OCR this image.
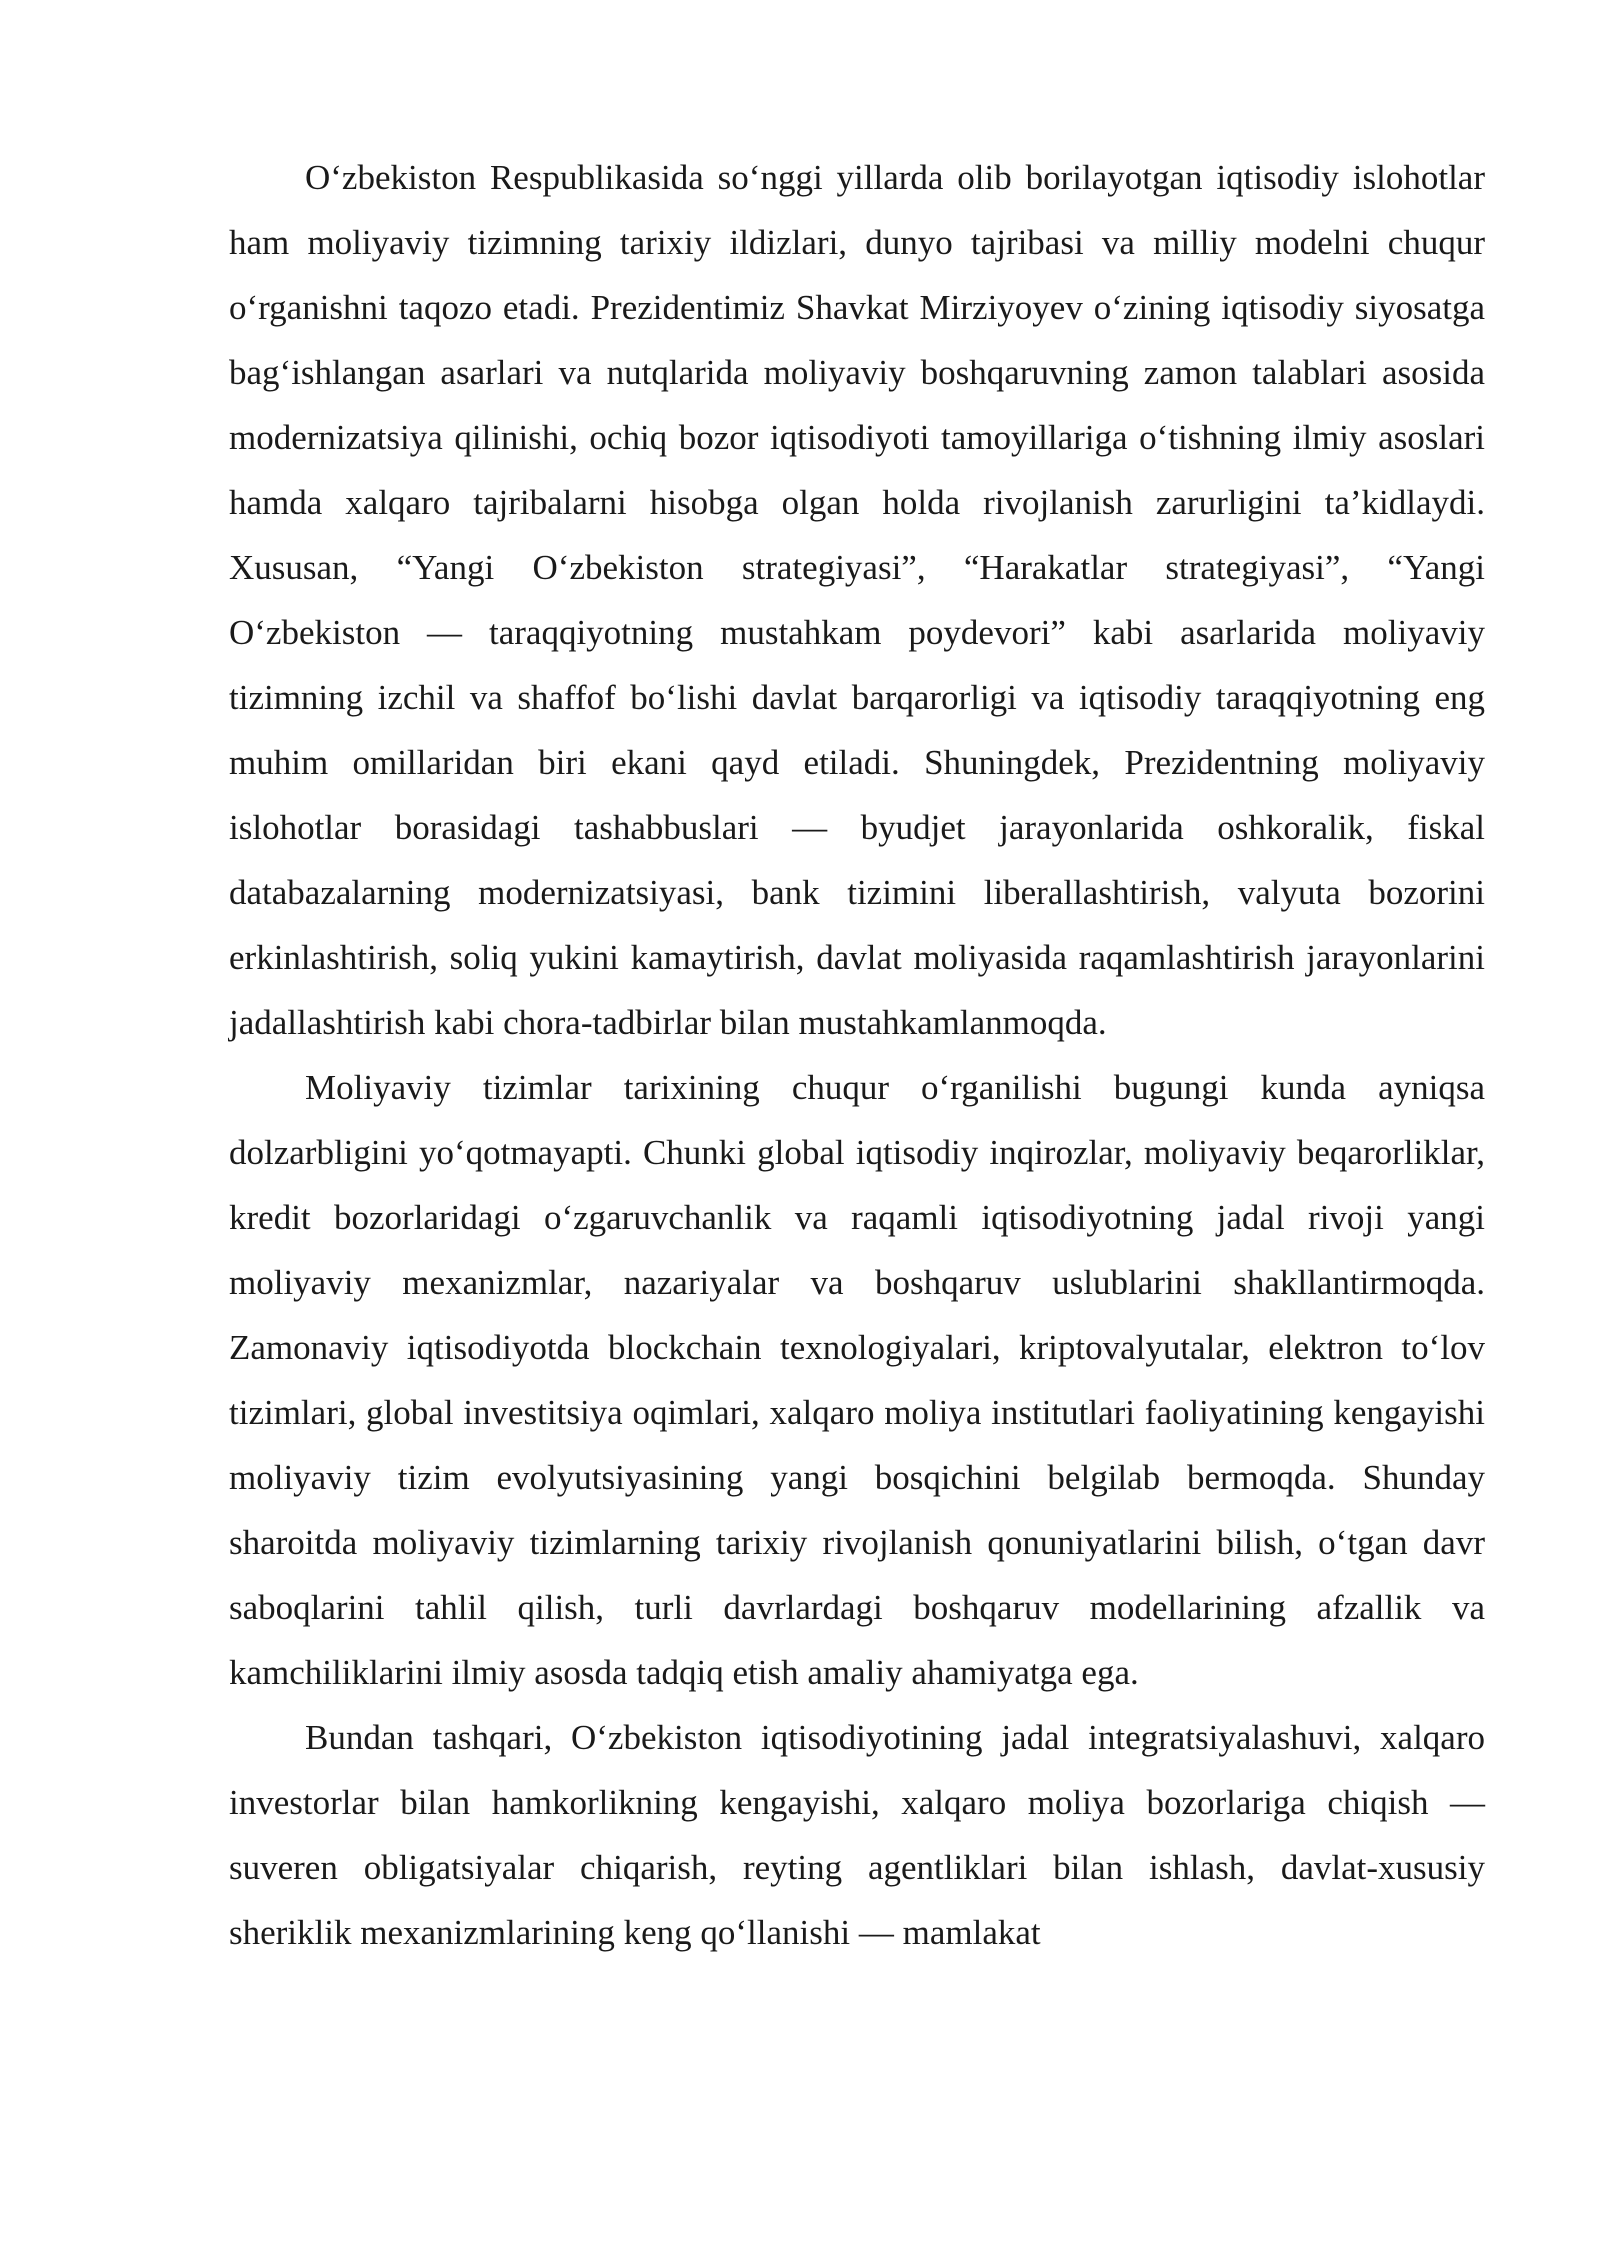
O‘zbekiston Respublikasida so‘nggi yillarda olib borilayotgan iqtisodiy islohotlar ham moliyaviy tizimning tarixiy ildizlari, dunyo tajribasi va milliy modelni chuqur o‘rganishni taqozo etadi. Prezidentimiz Shavkat Mirziyoyev o‘zining iqtisodiy siyosatga bag‘ishlangan asarlari va nutqlarida moliyaviy boshqaruvning zamon talablari asosida modernizatsiya qilinishi, ochiq bozor iqtisodiyoti tamoyillariga o‘tishning ilmiy asoslari hamda xalqaro tajribalarni hisobga olgan holda rivojlanish zarurligini ta’kidlaydi. Xususan, “Yangi O‘zbekiston strategiyasi”, “Harakatlar strategiyasi”, “Yangi O‘zbekiston — taraqqiyotning mustahkam poydevori” kabi asarlarida moliyaviy tizimning izchil va shaffof bo‘lishi davlat barqarorligi va iqtisodiy taraqqiyotning eng muhim omillaridan biri ekani qayd etiladi. Shuningdek, Prezidentning moliyaviy islohotlar borasidagi tashabbuslari — byudjet jarayonlarida oshkoralik, fiskal databazalarning modernizatsiyasi, bank tizimini liberallashtirish, valyuta bozorini erkinlashtirish, soliq yukini kamaytirish, davlat moliyasida raqamlashtirish jarayonlarini jadallashtirish kabi chora-tadbirlar bilan mustahkamlanmoqda.

Moliyaviy tizimlar tarixining chuqur o‘rganilishi bugungi kunda ayniqsa dolzarbligini yo‘qotmayapti. Chunki global iqtisodiy inqirozlar, moliyaviy beqarorliklar, kredit bozorlaridagi o‘zgaruvchanlik va raqamli iqtisodiyotning jadal rivoji yangi moliyaviy mexanizmlar, nazariyalar va boshqaruv uslublarini shakllantirmoqda. Zamonaviy iqtisodiyotda blockchain texnologiyalari, kriptovalyutalar, elektron to‘lov tizimlari, global investitsiya oqimlari, xalqaro moliya institutlari faoliyatining kengayishi moliyaviy tizim evolyutsiyasining yangi bosqichini belgilab bermoqda. Shunday sharoitda moliyaviy tizimlarning tarixiy rivojlanish qonuniyatlarini bilish, o‘tgan davr saboqlarini tahlil qilish, turli davrlardagi boshqaruv modellarining afzallik va kamchiliklarini ilmiy asosda tadqiq etish amaliy ahamiyatga ega.

Bundan tashqari, O‘zbekiston iqtisodiyotining jadal integratsiyalashuvi, xalqaro investorlar bilan hamkorlikning kengayishi, xalqaro moliya bozorlariga chiqish — suveren obligatsiyalar chiqarish, reyting agentliklari bilan ishlash, davlat-xususiy sheriklik mexanizmlarining keng qo‘llanishi — mamlakat
